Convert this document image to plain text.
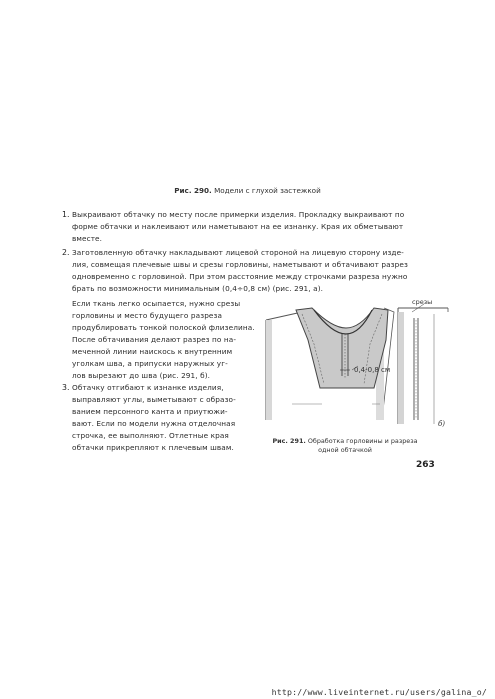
Рис. 290. Модели с глухой застежкой
1. Выкраивают обтачку по месту после примерки изделия. Прокладку выкраивают по
форме обтачки и наклеивают или наметывают на ее изнанку. Края их обметывают
вместе.
2. Заготовленную обтачку накладывают лицевой стороной на лицевую сторону изде-
лия, совмещая плечевые швы и срезы горловины, наметывают и обтачивают разрез
одновременно с горловиной. При этом расстояние между строчками разреза нужно
брать по возможности минимальным (0,4÷0,8 см) (рис. 291, а).
Если ткань легко осыпается, нужно срезы
горловины и место будущего разреза
продублировать тонкой полоской флизелина.
После обтачивания делают разрез по на-
меченной линии наискось к внутренним
уголкам шва, а припуски наружных уг-
лов вырезают до шва (рис. 291, б).
3. Обтачку отгибают к изнанке изделия,
выправляют углы, выметывают с образо-
ванием персонного канта и приутюжи-
вают. Если по модели нужна отделочная
строчка, ее выполняют. Отлетные края
обтачки прикрепляют к плечевым швам.
0,4-0,8 см
срезы
б)
Рис. 291. Обработка горловины и разреза
одной обтачкой
263
http://www.liveinternet.ru/users/galina_o/
